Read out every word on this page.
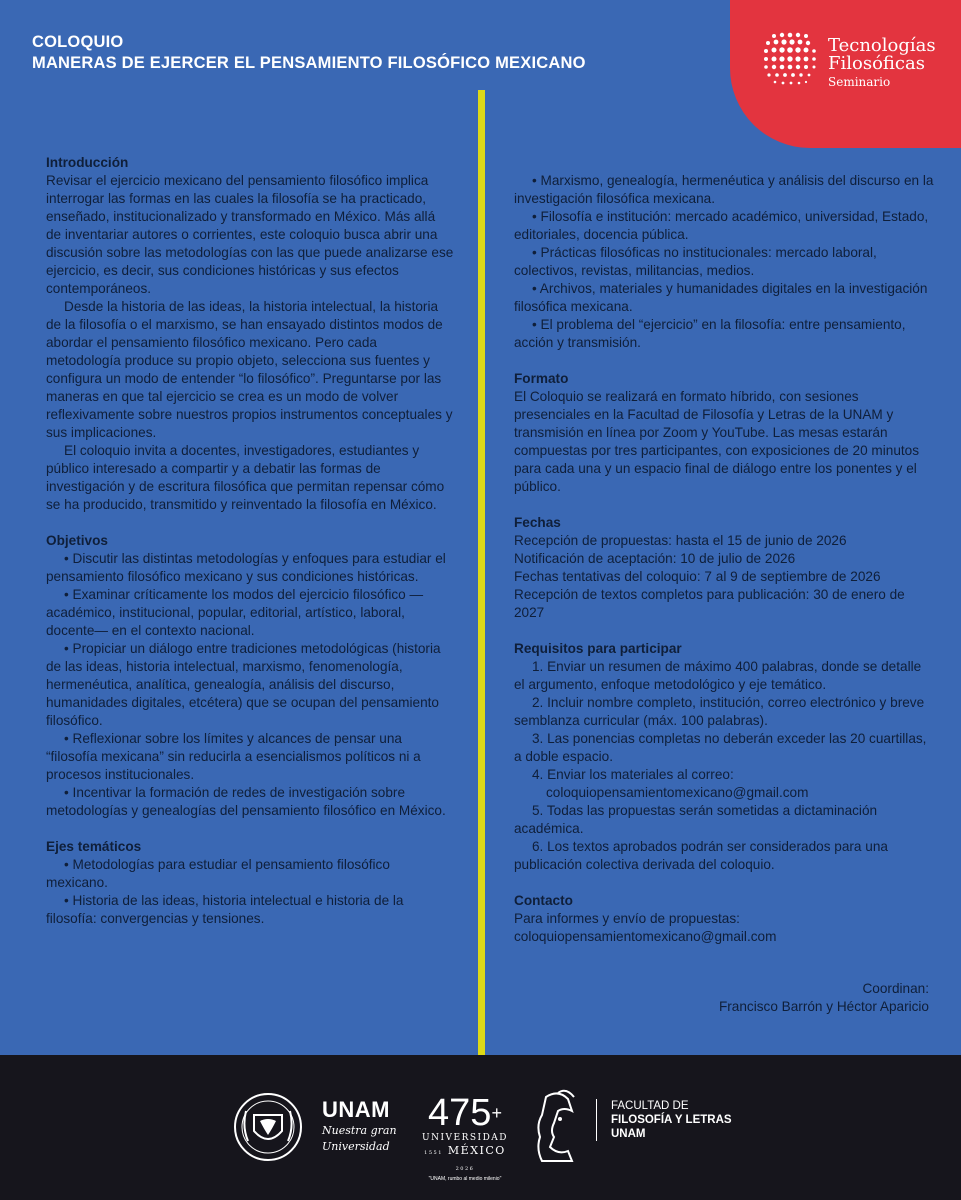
COLOQUIO
MANERAS DE EJERCER EL PENSAMIENTO FILOSÓFICO MEXICANO
Tecnologías
Filosóficas
Seminario
Introducción

Revisar el ejercicio mexicano del pensamiento filosófico implica interrogar las formas en las cuales la filosofía se ha practicado, enseñado, institucionalizado y transformado en México. Más allá de inventariar autores o corrientes, este coloquio busca abrir una discusión sobre las metodologías con las que puede analizarse ese ejercicio, es decir, sus condiciones históricas y sus efectos contemporáneos.

Desde la historia de las ideas, la historia intelectual, la historia de la filosofía o el marxismo, se han ensayado distintos modos de abordar el pensamiento filosófico mexicano. Pero cada metodología produce su propio objeto, selecciona sus fuentes y configura un modo de entender “lo filosófico”. Preguntarse por las maneras en que tal ejercicio se crea es un modo de volver reflexivamente sobre nuestros propios instrumentos conceptuales y sus implicaciones.

El coloquio invita a docentes, investigadores, estudiantes y público interesado a compartir y a debatir las formas de investigación y de escritura filosófica que permitan repensar cómo se ha producido, transmitido y reinventado la filosofía en México.

Objetivos

• Discutir las distintas metodologías y enfoques para estudiar el pensamiento filosófico mexicano y sus condiciones históricas.

• Examinar críticamente los modos del ejercicio filosófico —académico, institucional, popular, editorial, artístico, laboral, docente— en el contexto nacional.

• Propiciar un diálogo entre tradiciones metodológicas (historia de las ideas, historia intelectual, marxismo, fenomenología, hermenéutica, analítica, genealogía, análisis del discurso, humanidades digitales, etcétera) que se ocupan del pensamiento filosófico.

• Reflexionar sobre los límites y alcances de pensar una “filosofía mexicana” sin reducirla a esencialismos políticos ni a procesos institucionales.

• Incentivar la formación de redes de investigación sobre metodologías y genealogías del pensamiento filosófico en México.

Ejes temáticos

• Metodologías para estudiar el pensamiento filosófico mexicano.

• Historia de las ideas, historia intelectual e historia de la filosofía: convergencias y tensiones.

• Marxismo, genealogía, hermenéutica y análisis del discurso en la investigación filosófica mexicana.

• Filosofía e institución: mercado académico, universidad, Estado, editoriales, docencia pública.

• Prácticas filosóficas no institucionales: mercado laboral, colectivos, revistas, militancias, medios.

• Archivos, materiales y humanidades digitales en la investigación filosófica mexicana.

• El problema del “ejercicio” en la filosofía: entre pensamiento, acción y transmisión.

Formato

El Coloquio se realizará en formato híbrido, con sesiones presenciales en la Facultad de Filosofía y Letras de la UNAM y transmisión en línea por Zoom y YouTube. Las mesas estarán compuestas por tres participantes, con exposiciones de 20 minutos para cada una y un espacio final de diálogo entre los ponentes y el público.

Fechas

Recepción de propuestas: hasta el 15 de junio de 2026

Notificación de aceptación: 10 de julio de 2026

Fechas tentativas del coloquio: 7 al 9 de septiembre de 2026

Recepción de textos completos para publicación: 30 de enero de 2027

Requisitos para participar

1. Enviar un resumen de máximo 400 palabras, donde se detalle el argumento, enfoque metodológico y eje temático.

2. Incluir nombre completo, institución, correo electrónico y breve semblanza curricular (máx. 100 palabras).

3. Las ponencias completas no deberán exceder las 20 cuartillas, a doble espacio.

4. Enviar los materiales al correo:

coloquiopensamientomexicano@gmail.com

5. Todas las propuestas serán sometidas a dictaminación académica.

6. Los textos aprobados podrán ser considerados para una publicación colectiva derivada del coloquio.

Contacto

Para informes y envío de propuestas:

coloquiopensamientomexicano@gmail.com

Coordinan:
Francisco Barrón y Héctor Aparicio
UNAM
Nuestra gran
Universidad
475+
UNIVERSIDAD
1551 MÉXICO 2026
"UNAM, rumbo al medio milenio"
FACULTAD DE
FILOSOFÍA Y LETRAS
UNAM
